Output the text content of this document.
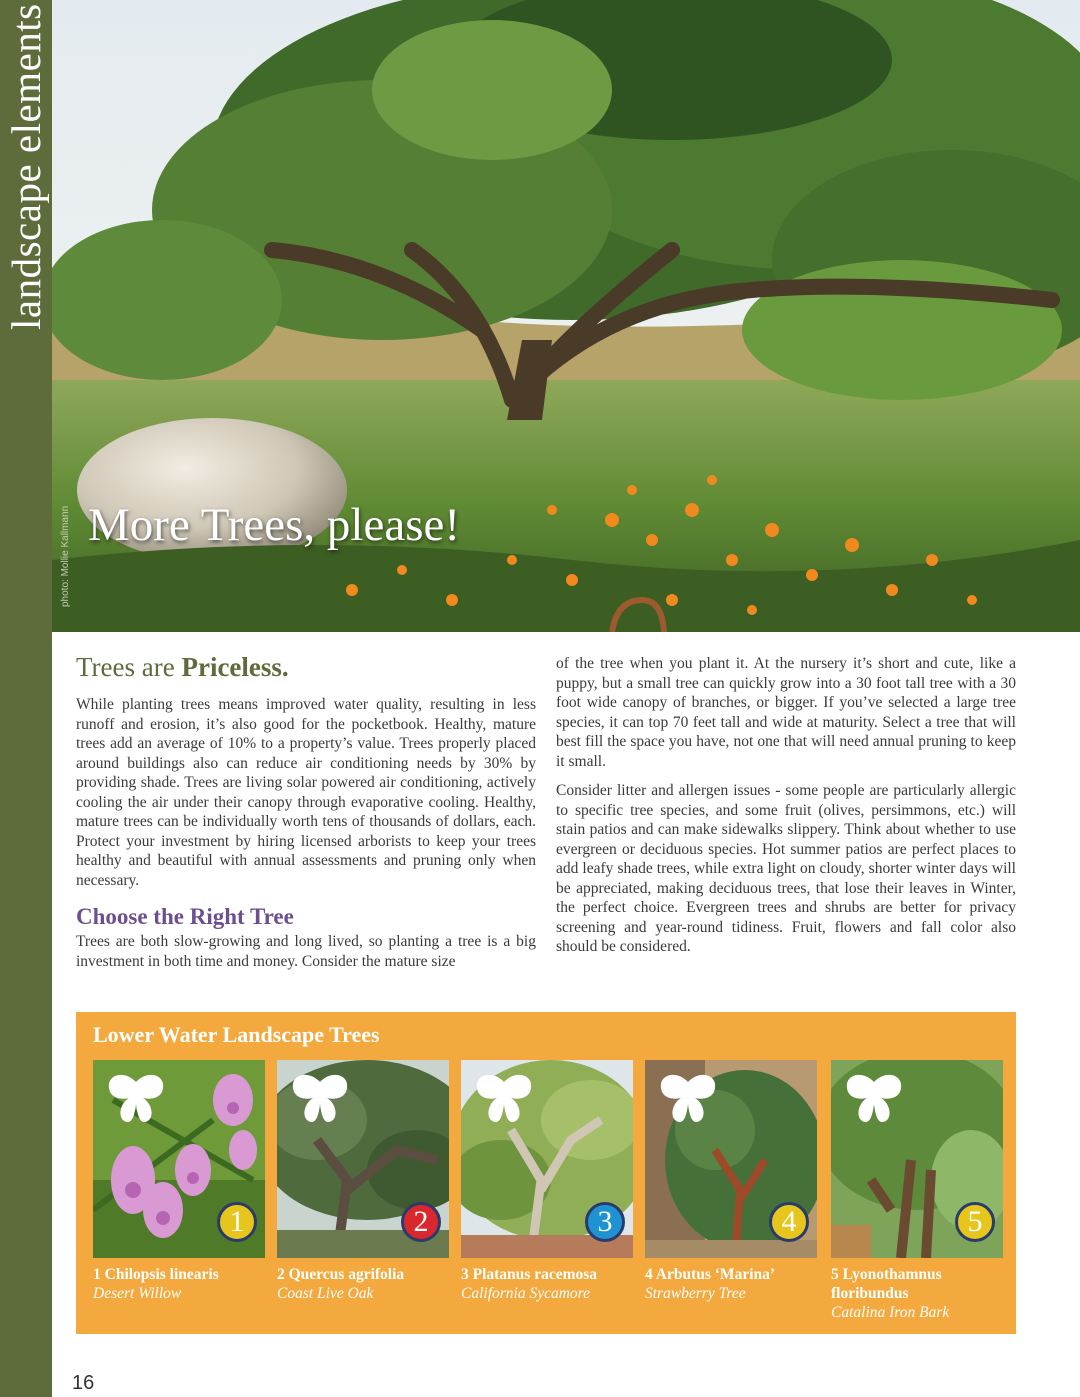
landscape elements
photo: Mollie Kallmann More Trees, please!
Trees are Priceless.

While planting trees means improved water quality, resulting in less runoff and erosion, it’s also good for the pocketbook. Healthy, mature trees add an average of 10% to a property’s value. Trees properly placed around buildings also can reduce air conditioning needs by 30% by providing shade. Trees are living solar powered air conditioning, actively cooling the air under their canopy through evaporative cooling. Healthy, mature trees can be individually worth tens of thousands of dollars, each. Protect your investment by hiring licensed arborists to keep your trees healthy and beautiful with annual assessments and pruning only when necessary.

Choose the Right Tree

Trees are both slow-growing and long lived, so planting a tree is a big investment in both time and money. Consider the mature size

of the tree when you plant it. At the nursery it’s short and cute, like a puppy, but a small tree can quickly grow into a 30 foot tall tree with a 30 foot wide canopy of branches, or bigger. If you’ve selected a large tree species, it can top 70 feet tall and wide at maturity. Select a tree that will best fill the space you have, not one that will need annual pruning to keep it small.

Consider litter and allergen issues - some people are particularly allergic to specific tree species, and some fruit (olives, persimmons, etc.) will stain patios and can make sidewalks slippery. Think about whether to use evergreen or deciduous species. Hot summer patios are perfect places to add leafy shade trees, while extra light on cloudy, shorter winter days will be appreciated, making deciduous trees, that lose their leaves in Winter, the perfect choice. Evergreen trees and shrubs are better for privacy screening and year-round tidiness. Fruit, flowers and fall color also should be considered.

Lower Water Landscape Trees
1
1 Chilopsis linearis
Desert Willow
2
2 Quercus agrifolia
Coast Live Oak
3
3 Platanus racemosa
California Sycamore
4
4 Arbutus ‘Marina’
Strawberry Tree
5
5 Lyonothamnus floribundus
Catalina Iron Bark
16
